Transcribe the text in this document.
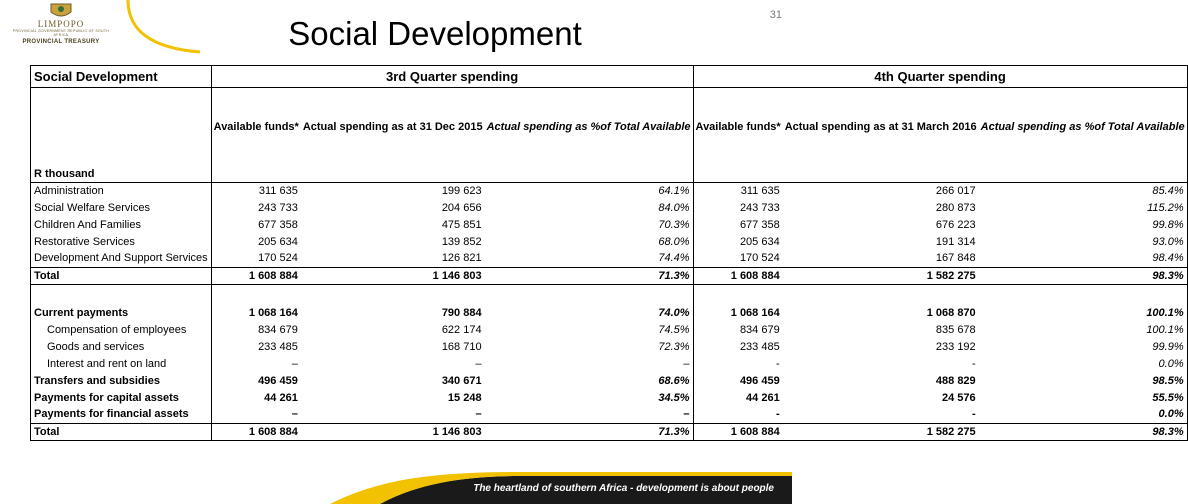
LIMPOPO
PROVINCIAL GOVERNMENT REPUBLIC OF SOUTH AFRICA
PROVINCIAL TREASURY	Social Development	31
Social Development	3rd Quarter spending			4th Quarter spending		
	Available funds*	Actual spending as at 31 Dec 2015	Actual spending as %of Total Available	Available funds*	Actual spending as at 31 March 2016	Actual spending as %of Total Available
R thousand						
Administration	311 635	199 623	64.1%	311 635	266 017	85.4%
Social Welfare Services	243 733	204 656	84.0%	243 733	280 873	115.2%
Children And Families	677 358	475 851	70.3%	677 358	676 223	99.8%
Restorative Services	205 634	139 852	68.0%	205 634	191 314	93.0%
Development And Support Services	170 524	126 821	74.4%	170 524	167 848	98.4%
Total	1 608 884	1 146 803	71.3%	1 608 884	1 582 275	98.3%

Current payments	1 068 164	790 884	74.0%	1 068 164	1 068 870	100.1%
Compensation of employees	834 679	622 174	74.5%	834 679	835 678	100.1%
Goods and services	233 485	168 710	72.3%	233 485	233 192	99.9%
Interest and rent on land	–	–	–	-	-	0.0%
Transfers and subsidies	496 459	340 671	68.6%	496 459	488 829	98.5%
Payments for capital assets	44 261	15 248	34.5%	44 261	24 576	55.5%
Payments for financial assets	–	–	–	-	-	0.0%
Total	1 608 884	1 146 803	71.3%	1 608 884	1 582 275	98.3%
The heartland of southern Africa - development is about people
